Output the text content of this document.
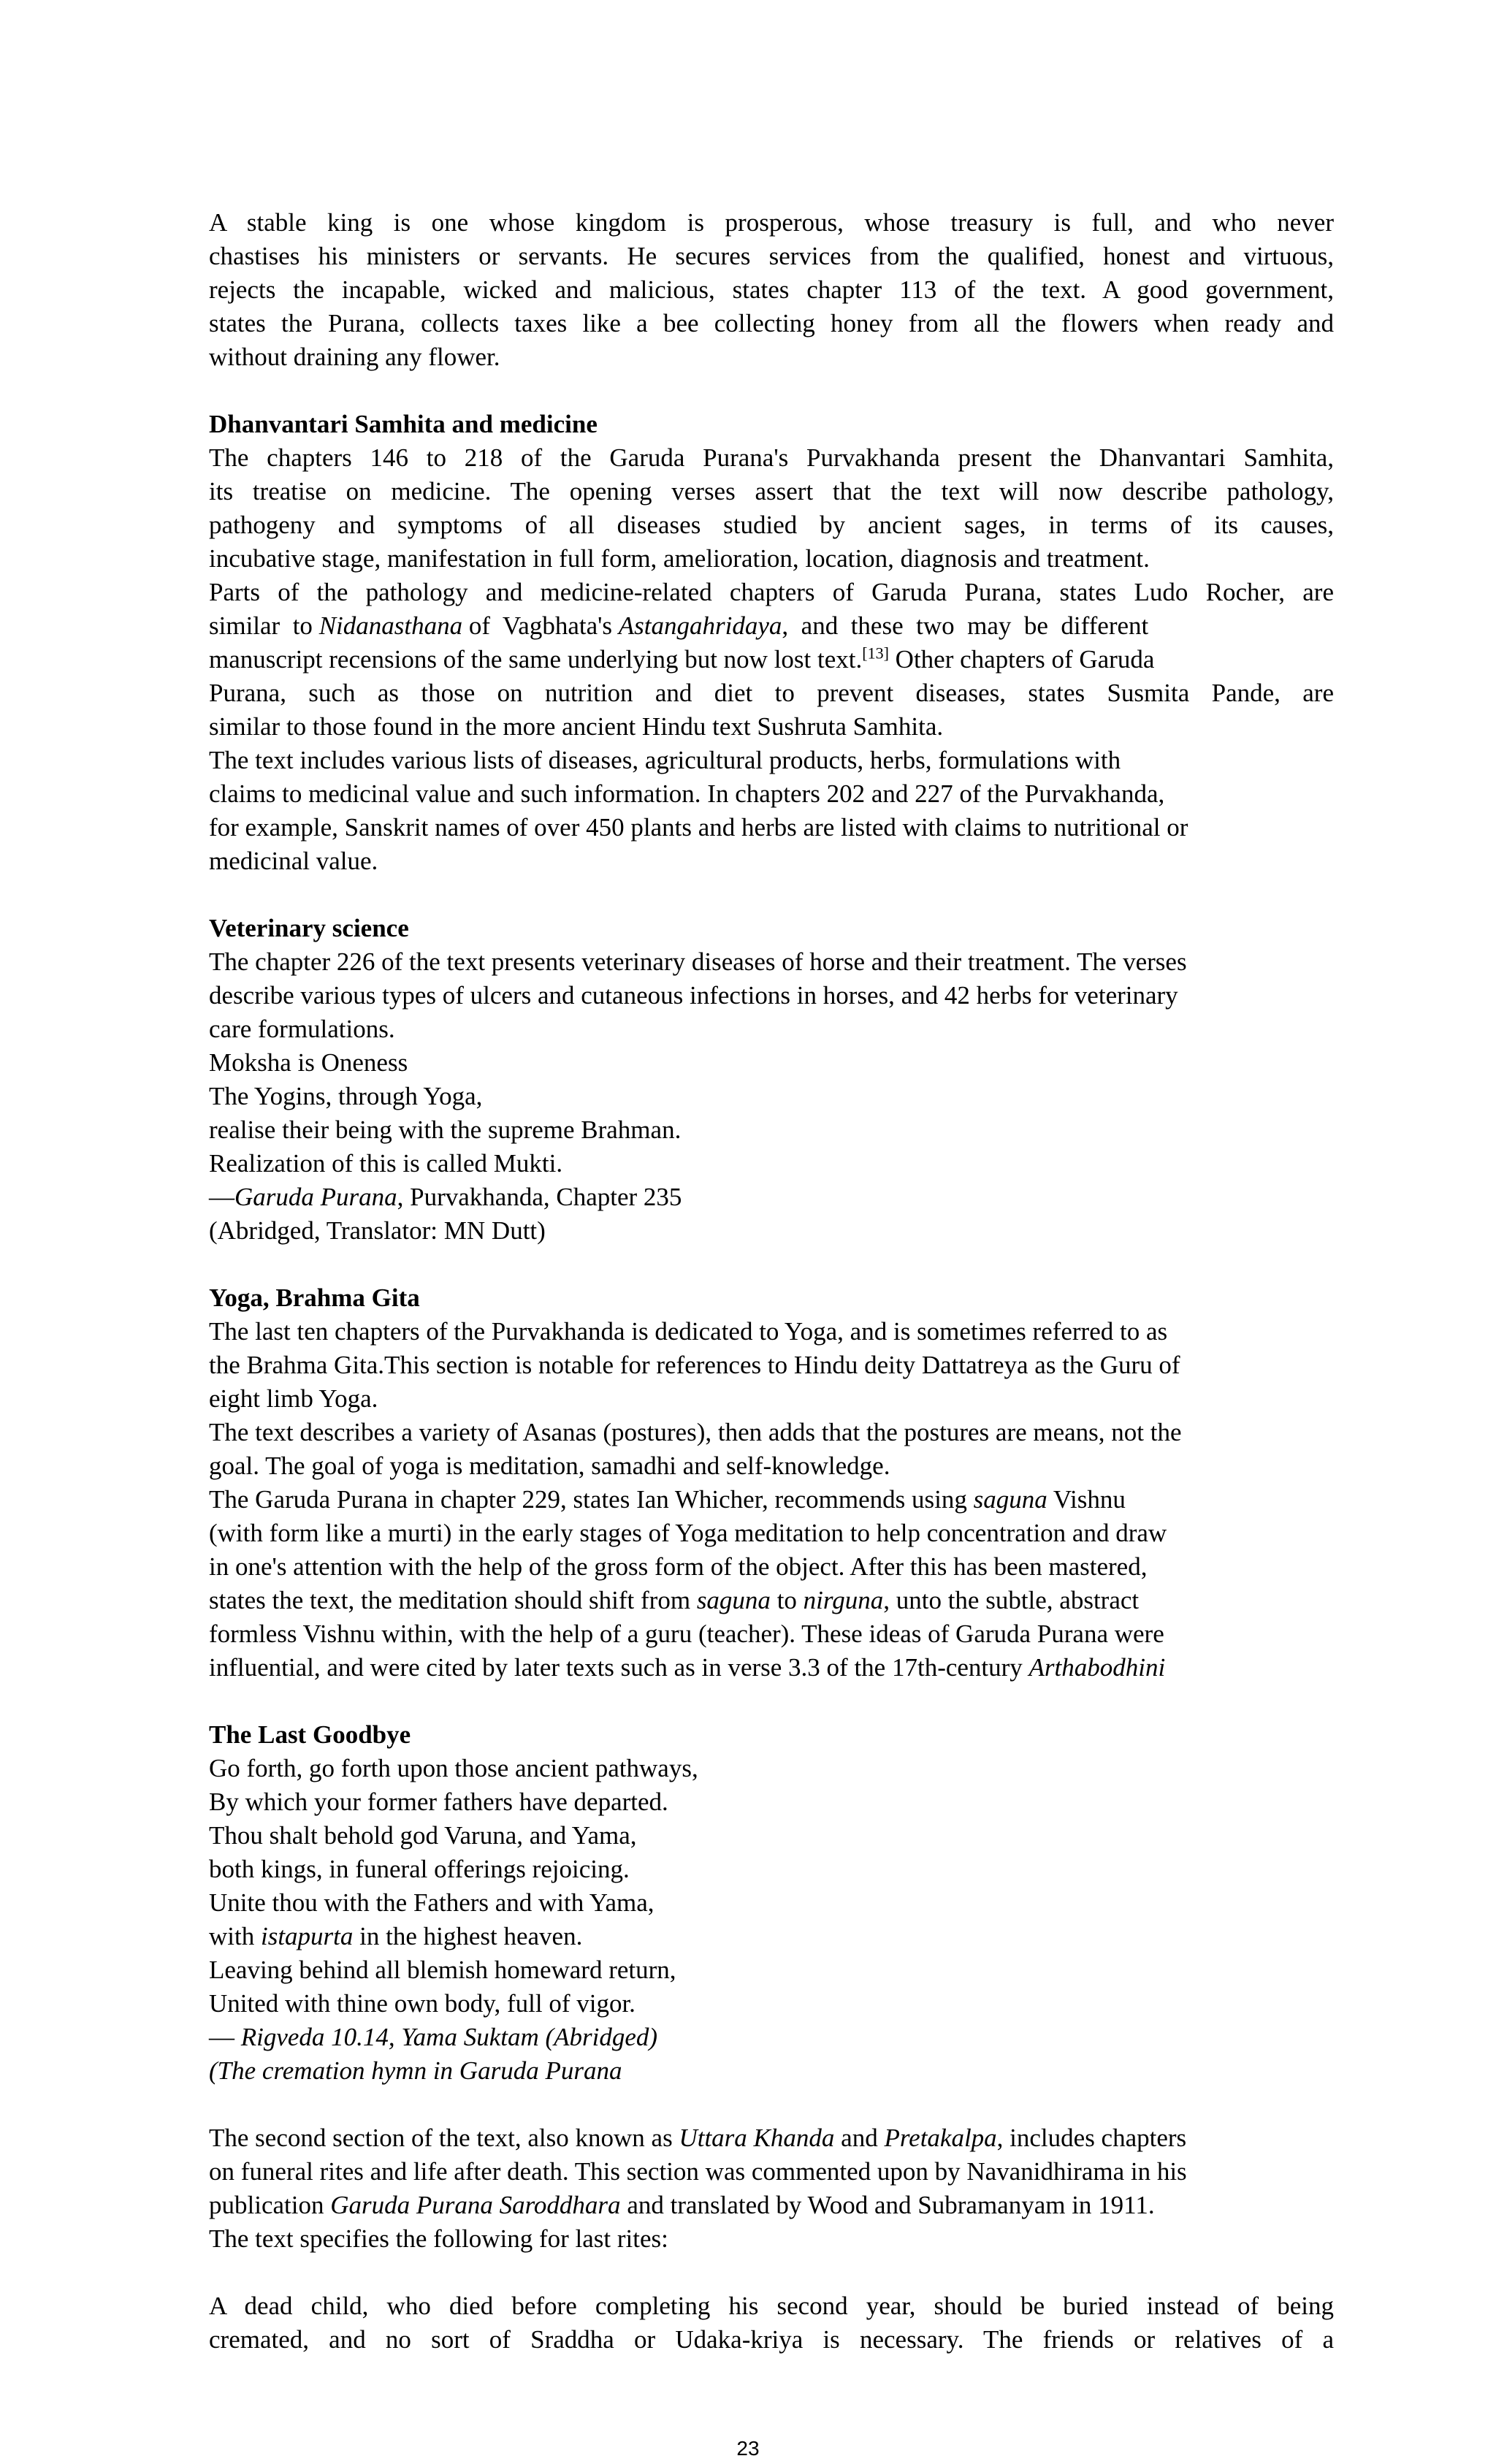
A stable king is one whose kingdom is prosperous, whose treasury is full, and who never
chastises his ministers or servants. He secures services from the qualified, honest and virtuous,
rejects the incapable, wicked and malicious, states chapter 113 of the text. A good government,
states the Purana, collects taxes like a bee collecting honey from all the flowers when ready and
without draining any flower.
Dhanvantari Samhita and medicine
The chapters 146 to 218 of the Garuda Purana's Purvakhanda present the Dhanvantari Samhita,
its treatise on medicine. The opening verses assert that the text will now describe pathology,
pathogeny and symptoms of all diseases studied by ancient sages, in terms of its causes,
incubative stage, manifestation in full form, amelioration, location, diagnosis and treatment.
Parts of the pathology and medicine-related chapters of Garuda Purana, states Ludo Rocher, are
similar  to Nidanasthana of  Vagbhata's Astangahridaya,  and  these  two  may  be  different
manuscript recensions of the same underlying but now lost text.[13] Other chapters of Garuda
Purana, such as those on nutrition and diet to prevent diseases, states Susmita Pande, are
similar to those found in the more ancient Hindu text Sushruta Samhita.
The text includes various lists of diseases, agricultural products, herbs, formulations with
claims to medicinal value and such information. In chapters 202 and 227 of the Purvakhanda,
for example, Sanskrit names of over 450 plants and herbs are listed with claims to nutritional or
medicinal value.
Veterinary science
The chapter 226 of the text presents veterinary diseases of horse and their treatment. The verses
describe various types of ulcers and cutaneous infections in horses, and 42 herbs for veterinary
care formulations.
Moksha is Oneness
The Yogins, through Yoga,
realise their being with the supreme Brahman.
Realization of this is called Mukti.
—Garuda Purana, Purvakhanda, Chapter 235
(Abridged, Translator: MN Dutt)
Yoga, Brahma Gita
The last ten chapters of the Purvakhanda is dedicated to Yoga, and is sometimes referred to as
the Brahma Gita.This section is notable for references to Hindu deity Dattatreya as the Guru of
eight limb Yoga.
The text describes a variety of Asanas (postures), then adds that the postures are means, not the
goal. The goal of yoga is meditation, samadhi and self-knowledge.
The Garuda Purana in chapter 229, states Ian Whicher, recommends using saguna Vishnu
(with form like a murti) in the early stages of Yoga meditation to help concentration and draw
in one's attention with the help of the gross form of the object. After this has been mastered,
states the text, the meditation should shift from saguna to nirguna, unto the subtle, abstract
formless Vishnu within, with the help of a guru (teacher). These ideas of Garuda Purana were
influential, and were cited by later texts such as in verse 3.3 of the 17th-century Arthabodhini
The Last Goodbye
Go forth, go forth upon those ancient pathways,
By which your former fathers have departed.
Thou shalt behold god Varuna, and Yama,
both kings, in funeral offerings rejoicing.
Unite thou with the Fathers and with Yama,
with istapurta in the highest heaven.
Leaving behind all blemish homeward return,
United with thine own body, full of vigor.
— Rigveda 10.14, Yama Suktam (Abridged)
(The cremation hymn in Garuda Purana
The second section of the text, also known as Uttara Khanda and Pretakalpa, includes chapters
on funeral rites and life after death. This section was commented upon by Navanidhirama in his
publication Garuda Purana Saroddhara and translated by Wood and Subramanyam in 1911.
The text specifies the following for last rites:
A dead child, who died before completing his second year, should be buried instead of being
cremated, and no sort of Sraddha or Udaka-kriya is necessary. The friends or relatives of a
23
